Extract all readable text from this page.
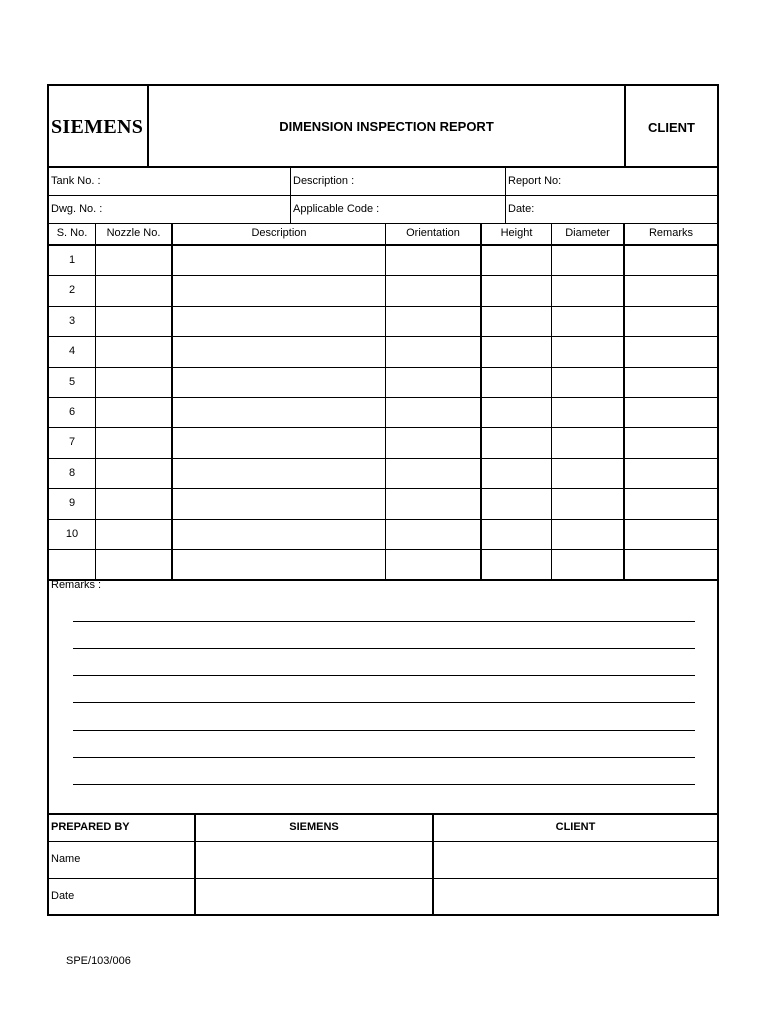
SIEMENS	DIMENSION INSPECTION REPORT	CLIENT
Tank No. :	Description :	Report No:
Dwg. No. :	Applicable Code :	Date:
S. No.	Nozzle No.	Description	Orientation	Height	Diameter	Remarks
1
2
3
4
5
6
7
8
9
10
Remarks :
PREPARED BY	SIEMENS	CLIENT
Name
Date
SPE/103/006
